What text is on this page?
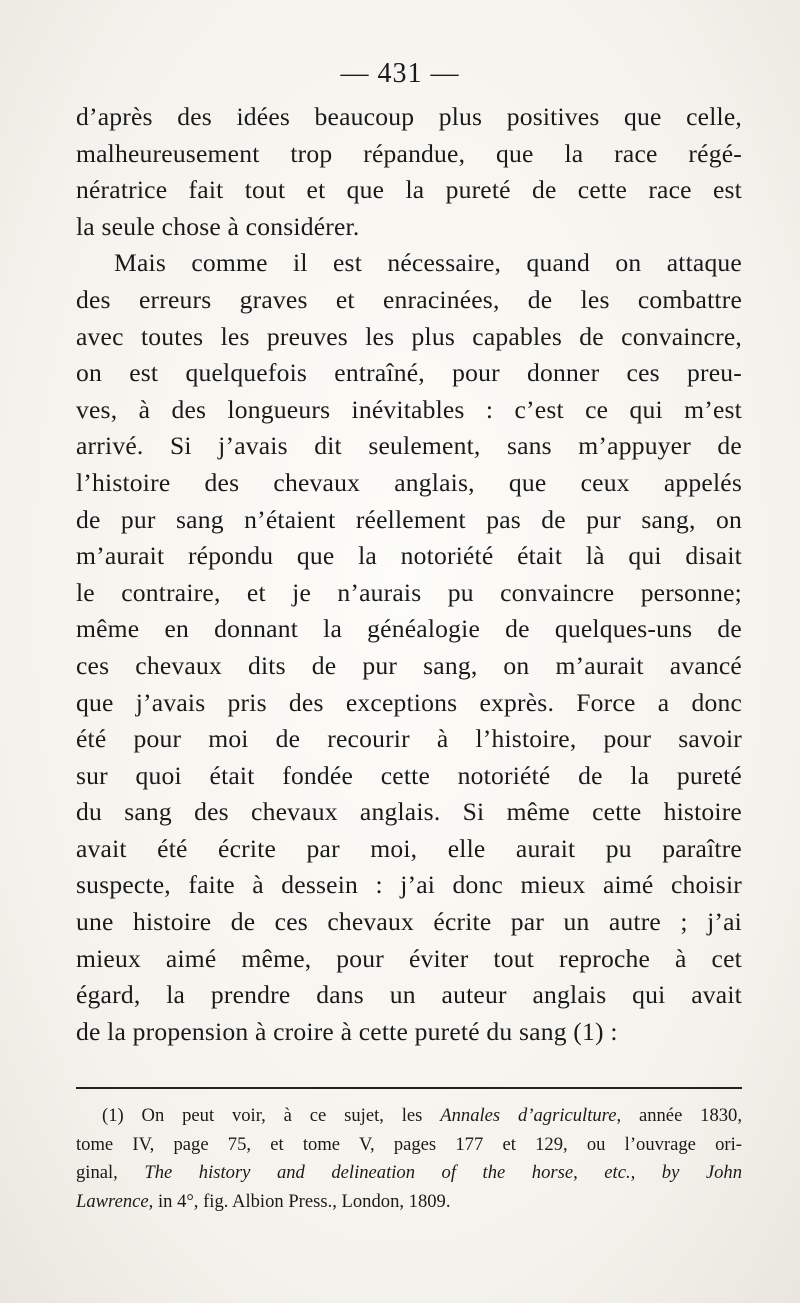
— 431 —
d’après des idées beaucoup plus positives que celle,
malheureusement trop répandue, que la race régé-
nératrice fait tout et que la pureté de cette race est
la seule chose à considérer.
Mais comme il est nécessaire, quand on attaque
des erreurs graves et enracinées, de les combattre
avec toutes les preuves les plus capables de convaincre,
on est quelquefois entraîné, pour donner ces preu-
ves, à des longueurs inévitables : c’est ce qui m’est
arrivé. Si j’avais dit seulement, sans m’appuyer de
l’histoire des chevaux anglais, que ceux appelés
de pur sang n’étaient réellement pas de pur sang, on
m’aurait répondu que la notoriété était là qui disait
le contraire, et je n’aurais pu convaincre personne;
même en donnant la généalogie de quelques-uns de
ces chevaux dits de pur sang, on m’aurait avancé
que j’avais pris des exceptions exprès. Force a donc
été pour moi de recourir à l’histoire, pour savoir
sur quoi était fondée cette notoriété de la pureté
du sang des chevaux anglais. Si même cette histoire
avait été écrite par moi, elle aurait pu paraître
suspecte, faite à dessein : j’ai donc mieux aimé choisir
une histoire de ces chevaux écrite par un autre ; j’ai
mieux aimé même, pour éviter tout reproche à cet
égard, la prendre dans un auteur anglais qui avait
de la propension à croire à cette pureté du sang (1) :
(1) On peut voir, à ce sujet, les Annales d’agriculture, année 1830,
tome IV, page 75, et tome V, pages 177 et 129, ou l’ouvrage ori-
ginal, The history and delineation of the horse, etc., by John
Lawrence, in 4°, fig. Albion Press., London, 1809.
